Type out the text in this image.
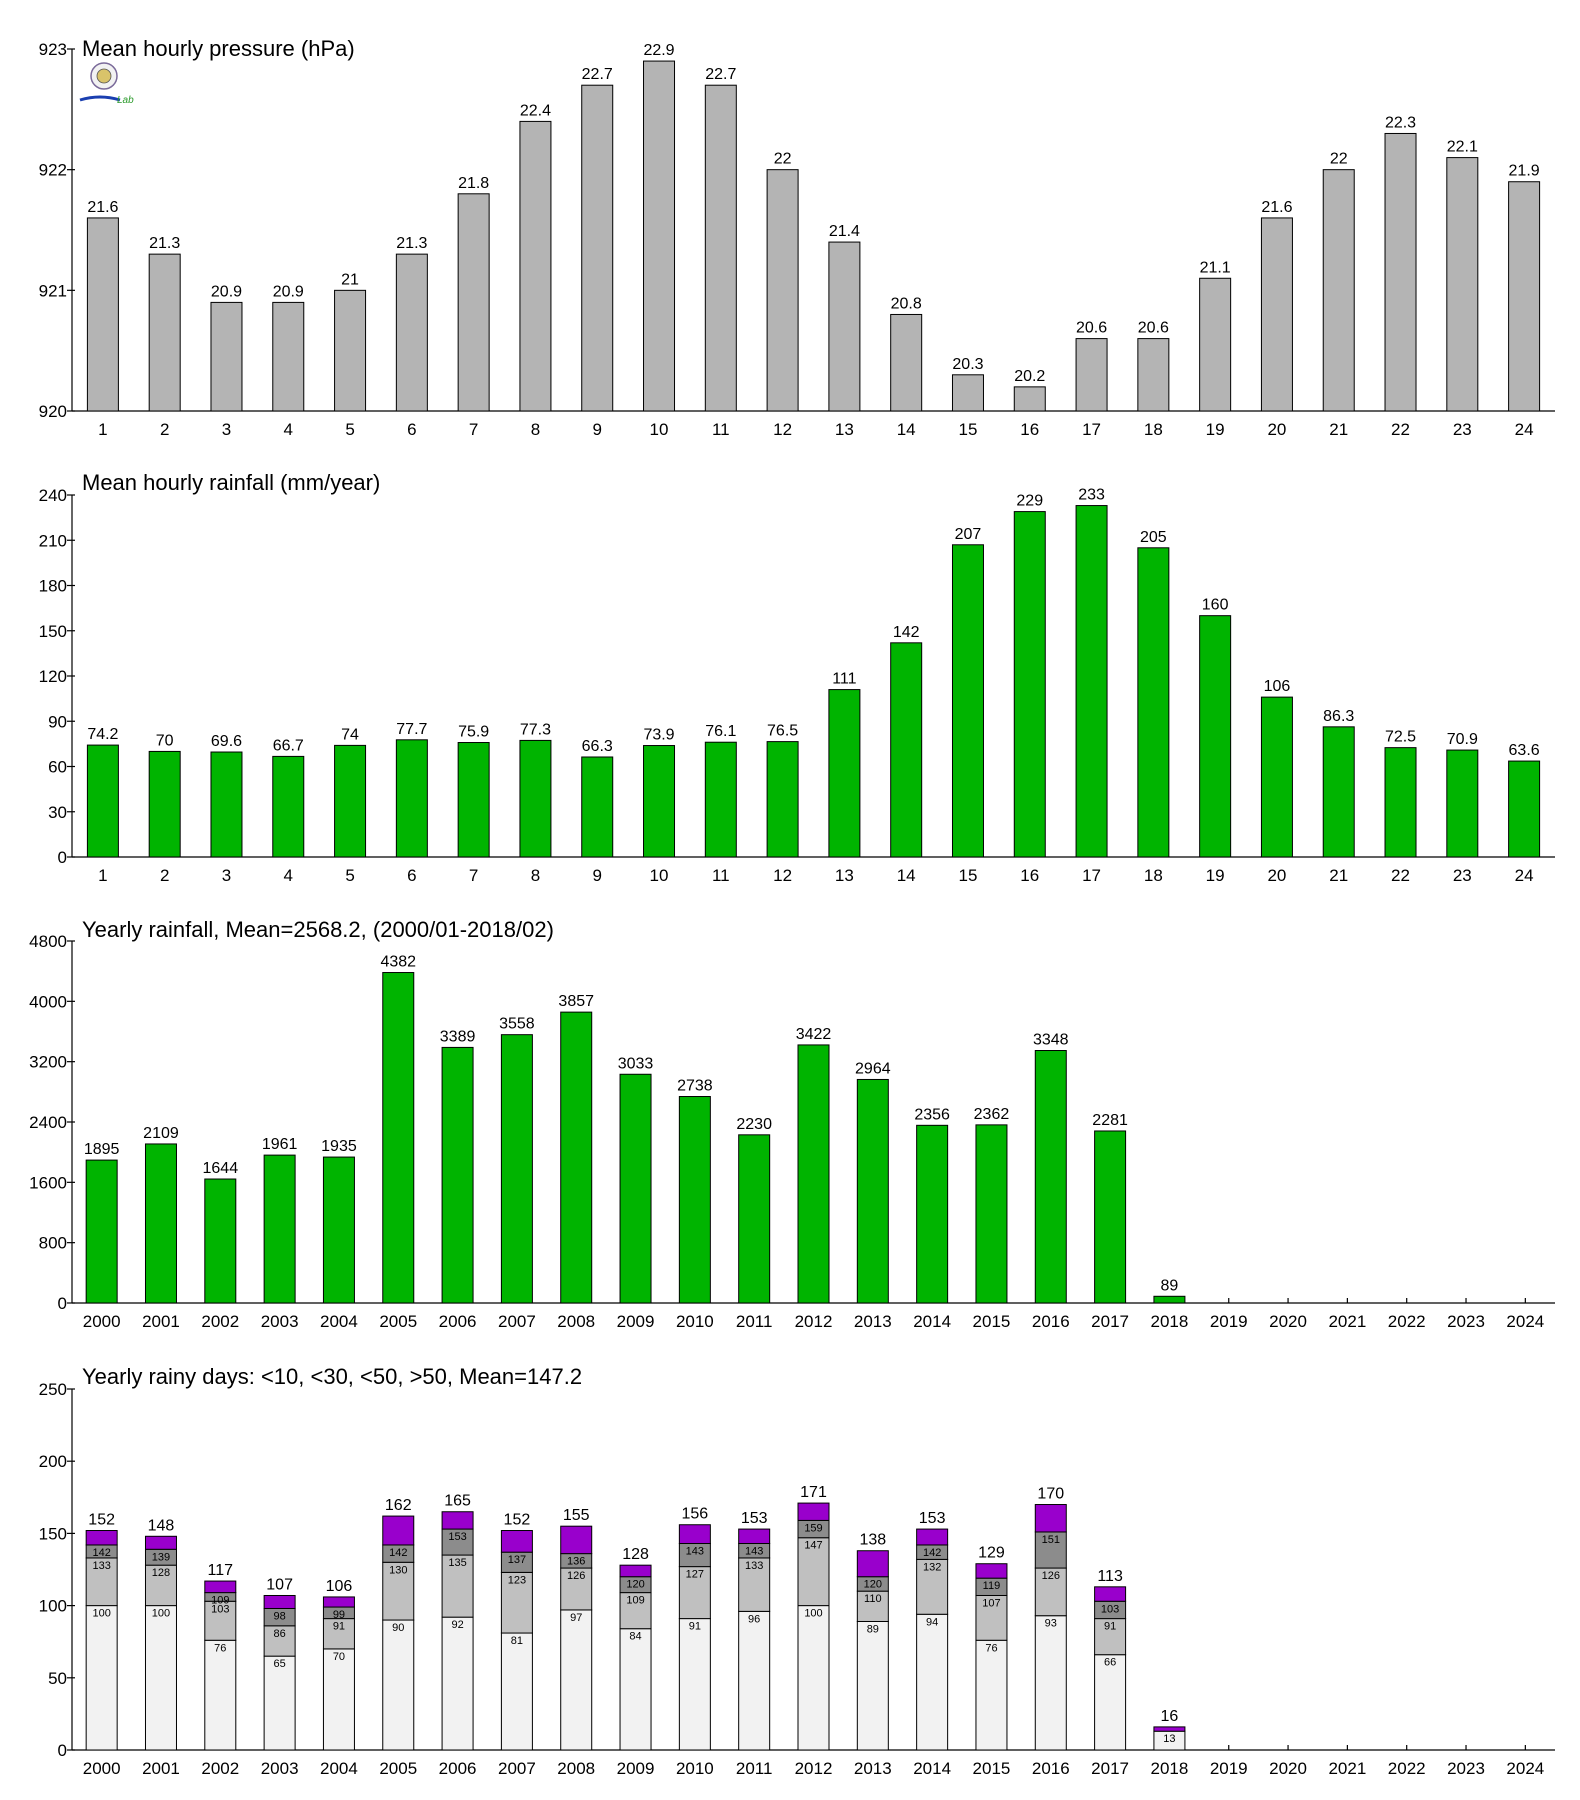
Mean hourly pressure (hPa)
920
921
922
923
1	2	3	4	5	6	7	8	9	10	11	12	13	14	15	16	17	18	19	20	21	22	23	24
21.6
21.3
20.9 20.9
21
21.3
21.8
22.4
22.7
22.9
22.7
22
21.4
20.8
20.3
20.2
20.6 20.6
21.1
21.6
22
22.3
22.1
21.9
Lab
Mean hourly rainfall (mm/year)
0
30
60
90
120
150
180
210
240
1	2	3	4	5	6	7	8	9	10	11	12	13	14	15	16	17	18	19	20	21	22	23	24
74.2 70 69.6 66.7
74 77.7 75.9 77.3
66.3
73.9 76.1 76.5
111
142
207
229 233
205
160
106
86.3
72.5 70.9
63.6
Yearly rainfall, Mean=2568.2, (2000/01-2018/02)
0
800
1600
2400
3200
4000
4800
2000 2001 2002 2003 2004 2005 2006 2007 2008 2009 2010 2011 2012 2013 2014 2015 2016 2017 2018 2019 2020 2021 2022 2023 2024
1895
2109
1644
1961 1935
4382
3389
3558
3857
3033
2738
2230
3422
2964
2356 2362
3348
2281
89
Yearly rainy days: <10, <30, <50, >50, Mean=147.2
0
50
100
150
200
250
2000 2001 2002 2003 2004 2005 2006 2007 2008 2009 2010 2011 2012 2013 2014 2015 2016 2017 2018 2019 2020 2021 2022 2023 2024
100
133
142
152
100
128
139
148
76
103
109
117
65
86
98
107
70
91
99
106
90
130
142
162
92
135
153
165
81
123
137
152
97
126
136
155
84
109
120
128
91
127
143
156
96
133
143
153
100
147
159
171
89
110
120
138
94
132
142
153
76
107
119
129
93
126
151
170
66
91
103
113
13
16
